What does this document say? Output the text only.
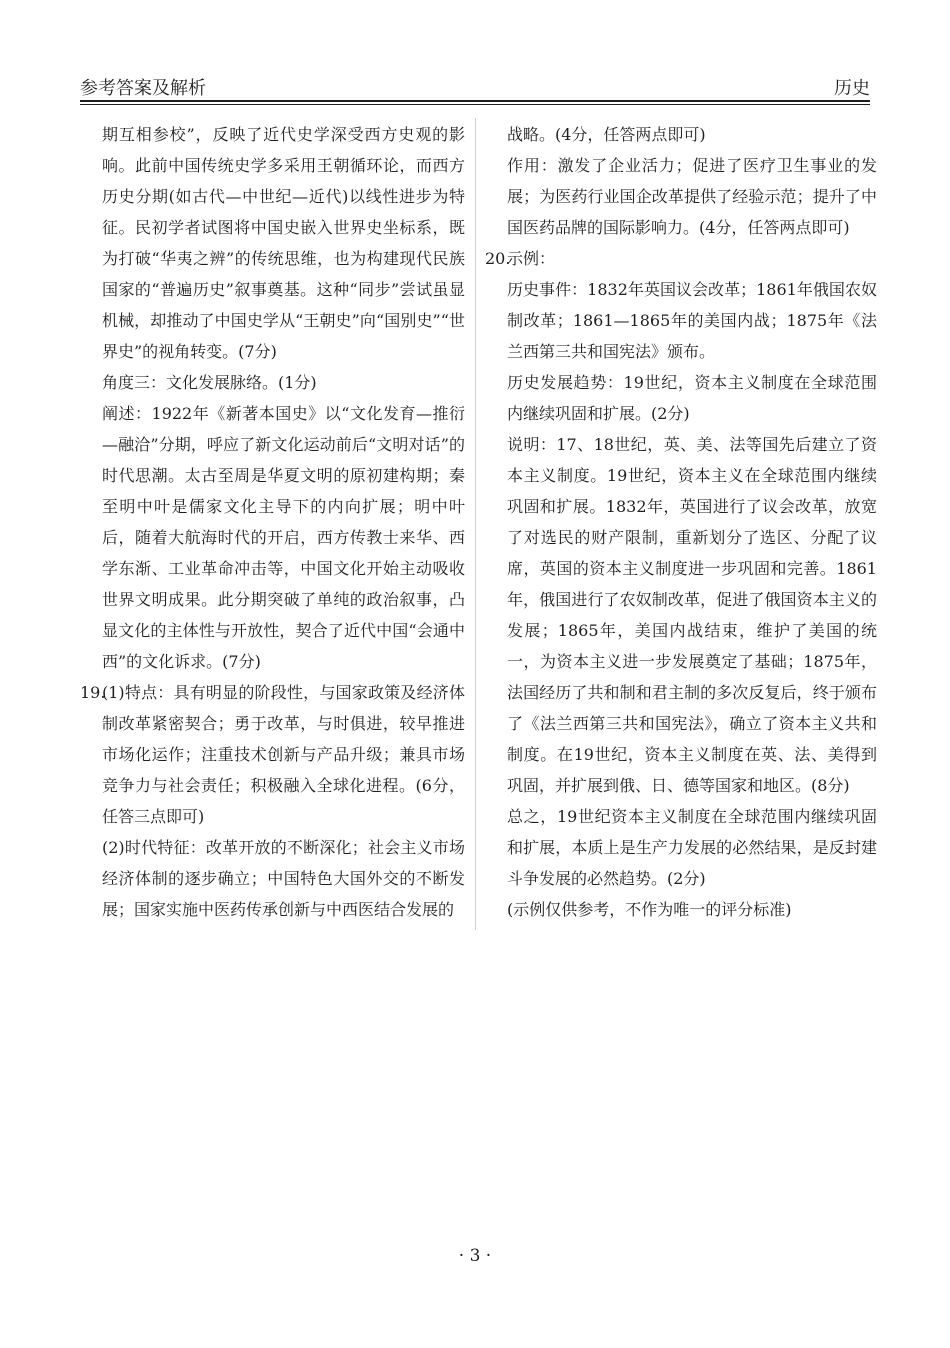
参考答案及解析	历史

期互相参校”，反映了近代史学深受西方史观的影响。此前中国传统史学多采用王朝循环论，而西方历史分期(如古代—中世纪—近代)以线性进步为特征。民初学者试图将中国史嵌入世界史坐标系，既为打破“华夷之辨”的传统思维，也为构建现代民族国家的“普遍历史”叙事奠基。这种“同步”尝试虽显机械，却推动了中国史学从“王朝史”向“国别史”“世界史”的视角转变。(7分)

角度三：文化发展脉络。(1分)

阐述：1922年《新著本国史》以“文化发育—推衍—融洽”分期，呼应了新文化运动前后“文明对话”的时代思潮。太古至周是华夏文明的原初建构期；秦至明中叶是儒家文化主导下的内向扩展；明中叶后，随着大航海时代的开启，西方传教士来华、西学东渐、工业革命冲击等，中国文化开始主动吸收世界文明成果。此分期突破了单纯的政治叙事，凸显文化的主体性与开放性，契合了近代中国“会通中西”的文化诉求。(7分)

19.

(1)特点：具有明显的阶段性，与国家政策及经济体制改革紧密契合；勇于改革，与时俱进，较早推进市场化运作；注重技术创新与产品升级；兼具市场竞争力与社会责任；积极融入全球化进程。(6分，任答三点即可)

(2)时代特征：改革开放的不断深化；社会主义市场经济体制的逐步确立；中国特色大国外交的不断发展；国家实施中医药传承创新与中西医结合发展的

战略。(4分，任答两点即可)

作用：激发了企业活力；促进了医疗卫生事业的发展；为医药行业国企改革提供了经验示范；提升了中国医药品牌的国际影响力。(4分，任答两点即可)

20.

示例：

历史事件：1832年英国议会改革；1861年俄国农奴制改革；1861—1865年的美国内战；1875年《法兰西第三共和国宪法》颁布。

历史发展趋势：19世纪，资本主义制度在全球范围内继续巩固和扩展。(2分)

说明：17、18世纪，英、美、法等国先后建立了资本主义制度。19世纪，资本主义在全球范围内继续巩固和扩展。1832年，英国进行了议会改革，放宽了对选民的财产限制，重新划分了选区、分配了议席，英国的资本主义制度进一步巩固和完善。1861年，俄国进行了农奴制改革，促进了俄国资本主义的发展；1865年，美国内战结束，维护了美国的统一，为资本主义进一步发展奠定了基础；1875年，法国经历了共和制和君主制的多次反复后，终于颁布了《法兰西第三共和国宪法》，确立了资本主义共和制度。在19世纪，资本主义制度在英、法、美得到巩固，并扩展到俄、日、德等国家和地区。(8分)

总之，19世纪资本主义制度在全球范围内继续巩固和扩展，本质上是生产力发展的必然结果，是反封建斗争发展的必然趋势。(2分)

(示例仅供参考，不作为唯一的评分标准)

· 3 ·
